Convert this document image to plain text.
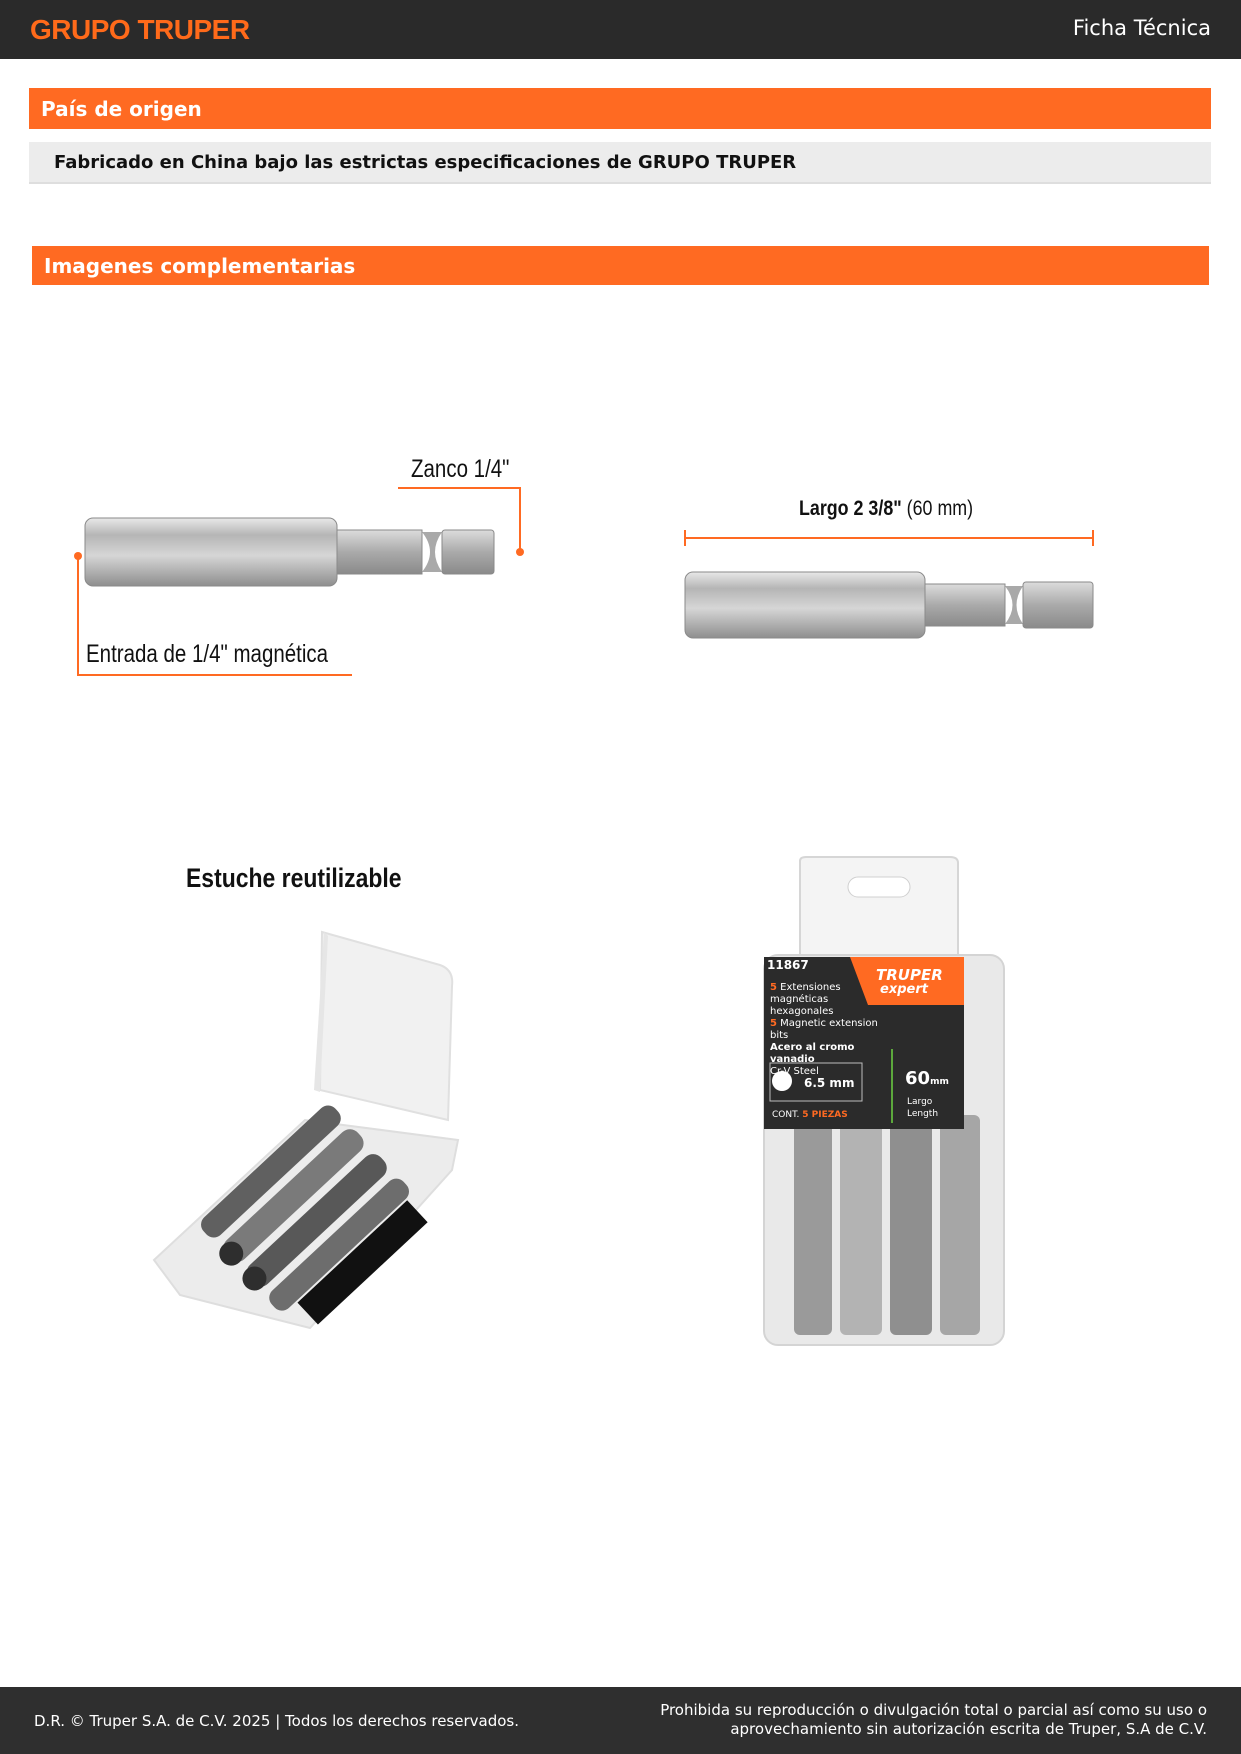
GRUPO TRUPER	Ficha Técnica
País de origen
Fabricado en China bajo las estrictas especificaciones de GRUPO TRUPER
Imagenes complementarias
Zanco 1/4"
Entrada de 1/4" magnética
Largo 2 3/8" (60 mm)
Estuche reutilizable
11867
TRUPER
expert
5 Extensiones
magnéticas hexagonales
5 Magnetic extension bits
Acero al cromo vanadio
Cr-V Steel
6.5 mm	60mm
Largo
Length
CONT. 5 PIEZAS
D.R. © Truper S.A. de C.V. 2025 | Todos los derechos reservados.
Prohibida su reproducción o divulgación total o parcial así como su uso o
aprovechamiento sin autorización escrita de Truper, S.A de C.V.
